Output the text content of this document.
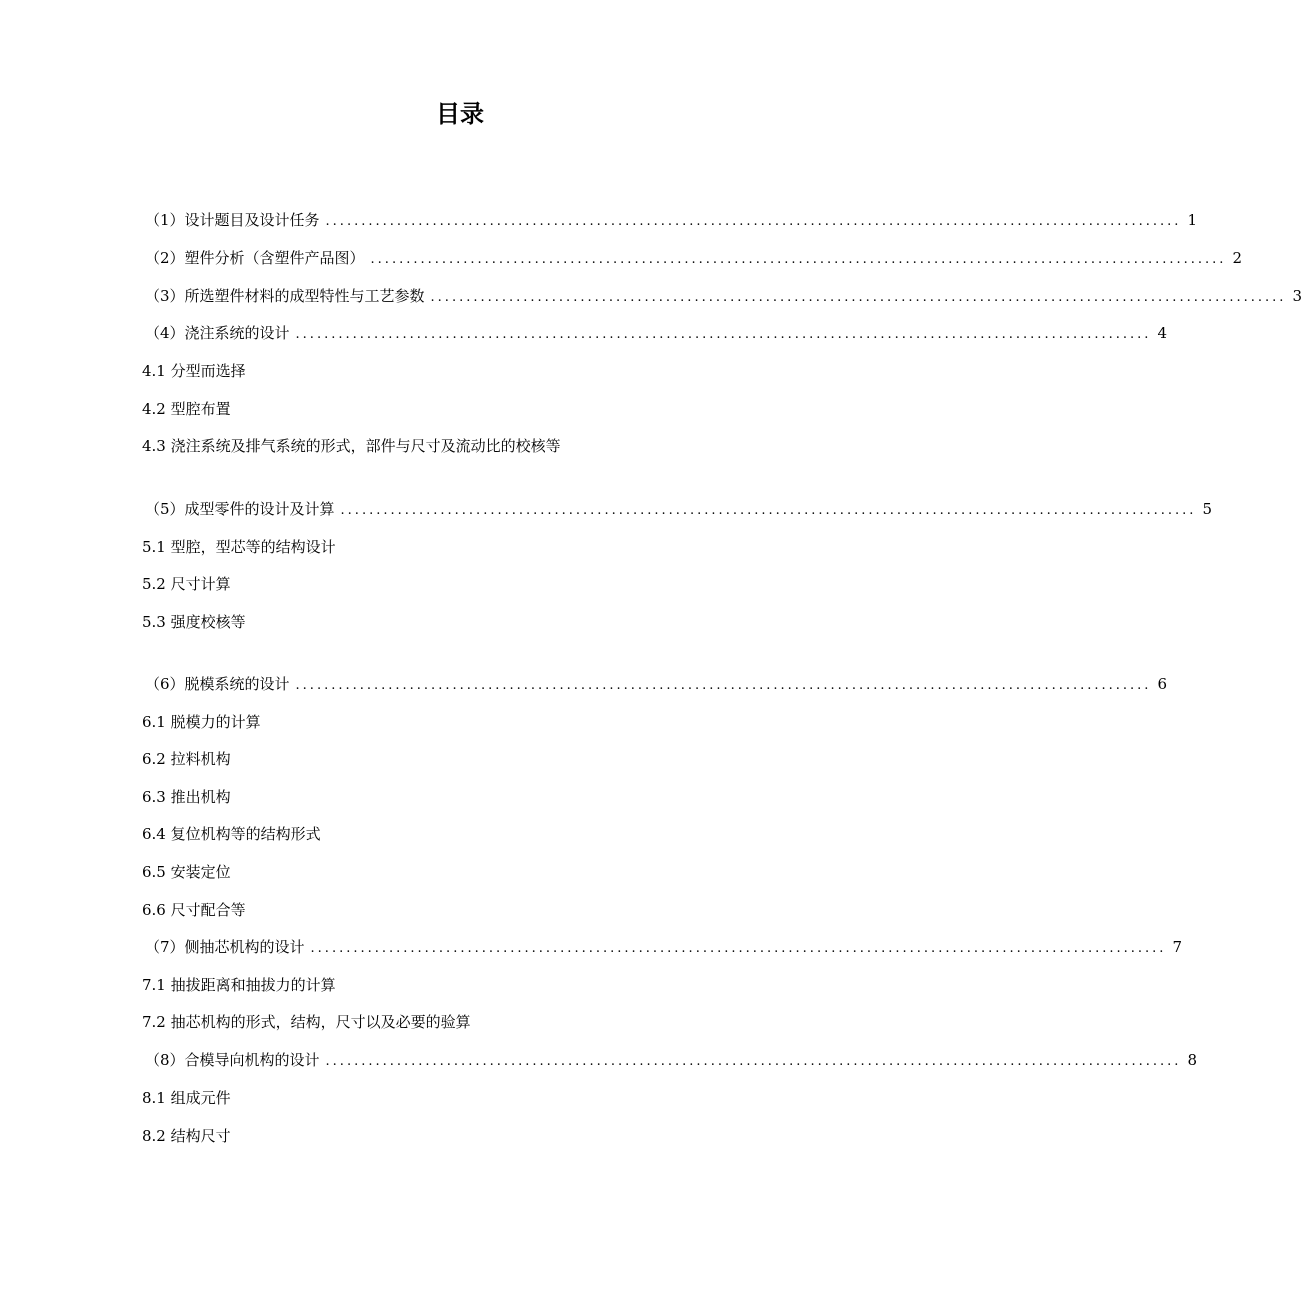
目录
（1）设计题目及设计任务 ........................................................................................................................ 1
（2）塑件分析（含塑件产品图） ........................................................................................................................ 2
（3）所选塑件材料的成型特性与工艺参数 ........................................................................................................................ 3
（4）浇注系统的设计 ........................................................................................................................ 4
4.1 分型而选择
4.2 型腔布置
4.3 浇注系统及排气系统的形式，部件与尺寸及流动比的校核等
（5）成型零件的设计及计算 ........................................................................................................................ 5
5.1 型腔，型芯等的结构设计
5.2 尺寸计算
5.3 强度校核等
（6）脱模系统的设计 ........................................................................................................................ 6
6.1 脱模力的计算
6.2 拉料机构
6.3 推出机构
6.4 复位机构等的结构形式
6.5 安装定位
6.6 尺寸配合等
（7）侧抽芯机构的设计 ........................................................................................................................ 7
7.1 抽拔距离和抽拔力的计算
7.2 抽芯机构的形式，结构，尺寸以及必要的验算
（8）合模导向机构的设计 ........................................................................................................................ 8
8.1 组成元件
8.2 结构尺寸
